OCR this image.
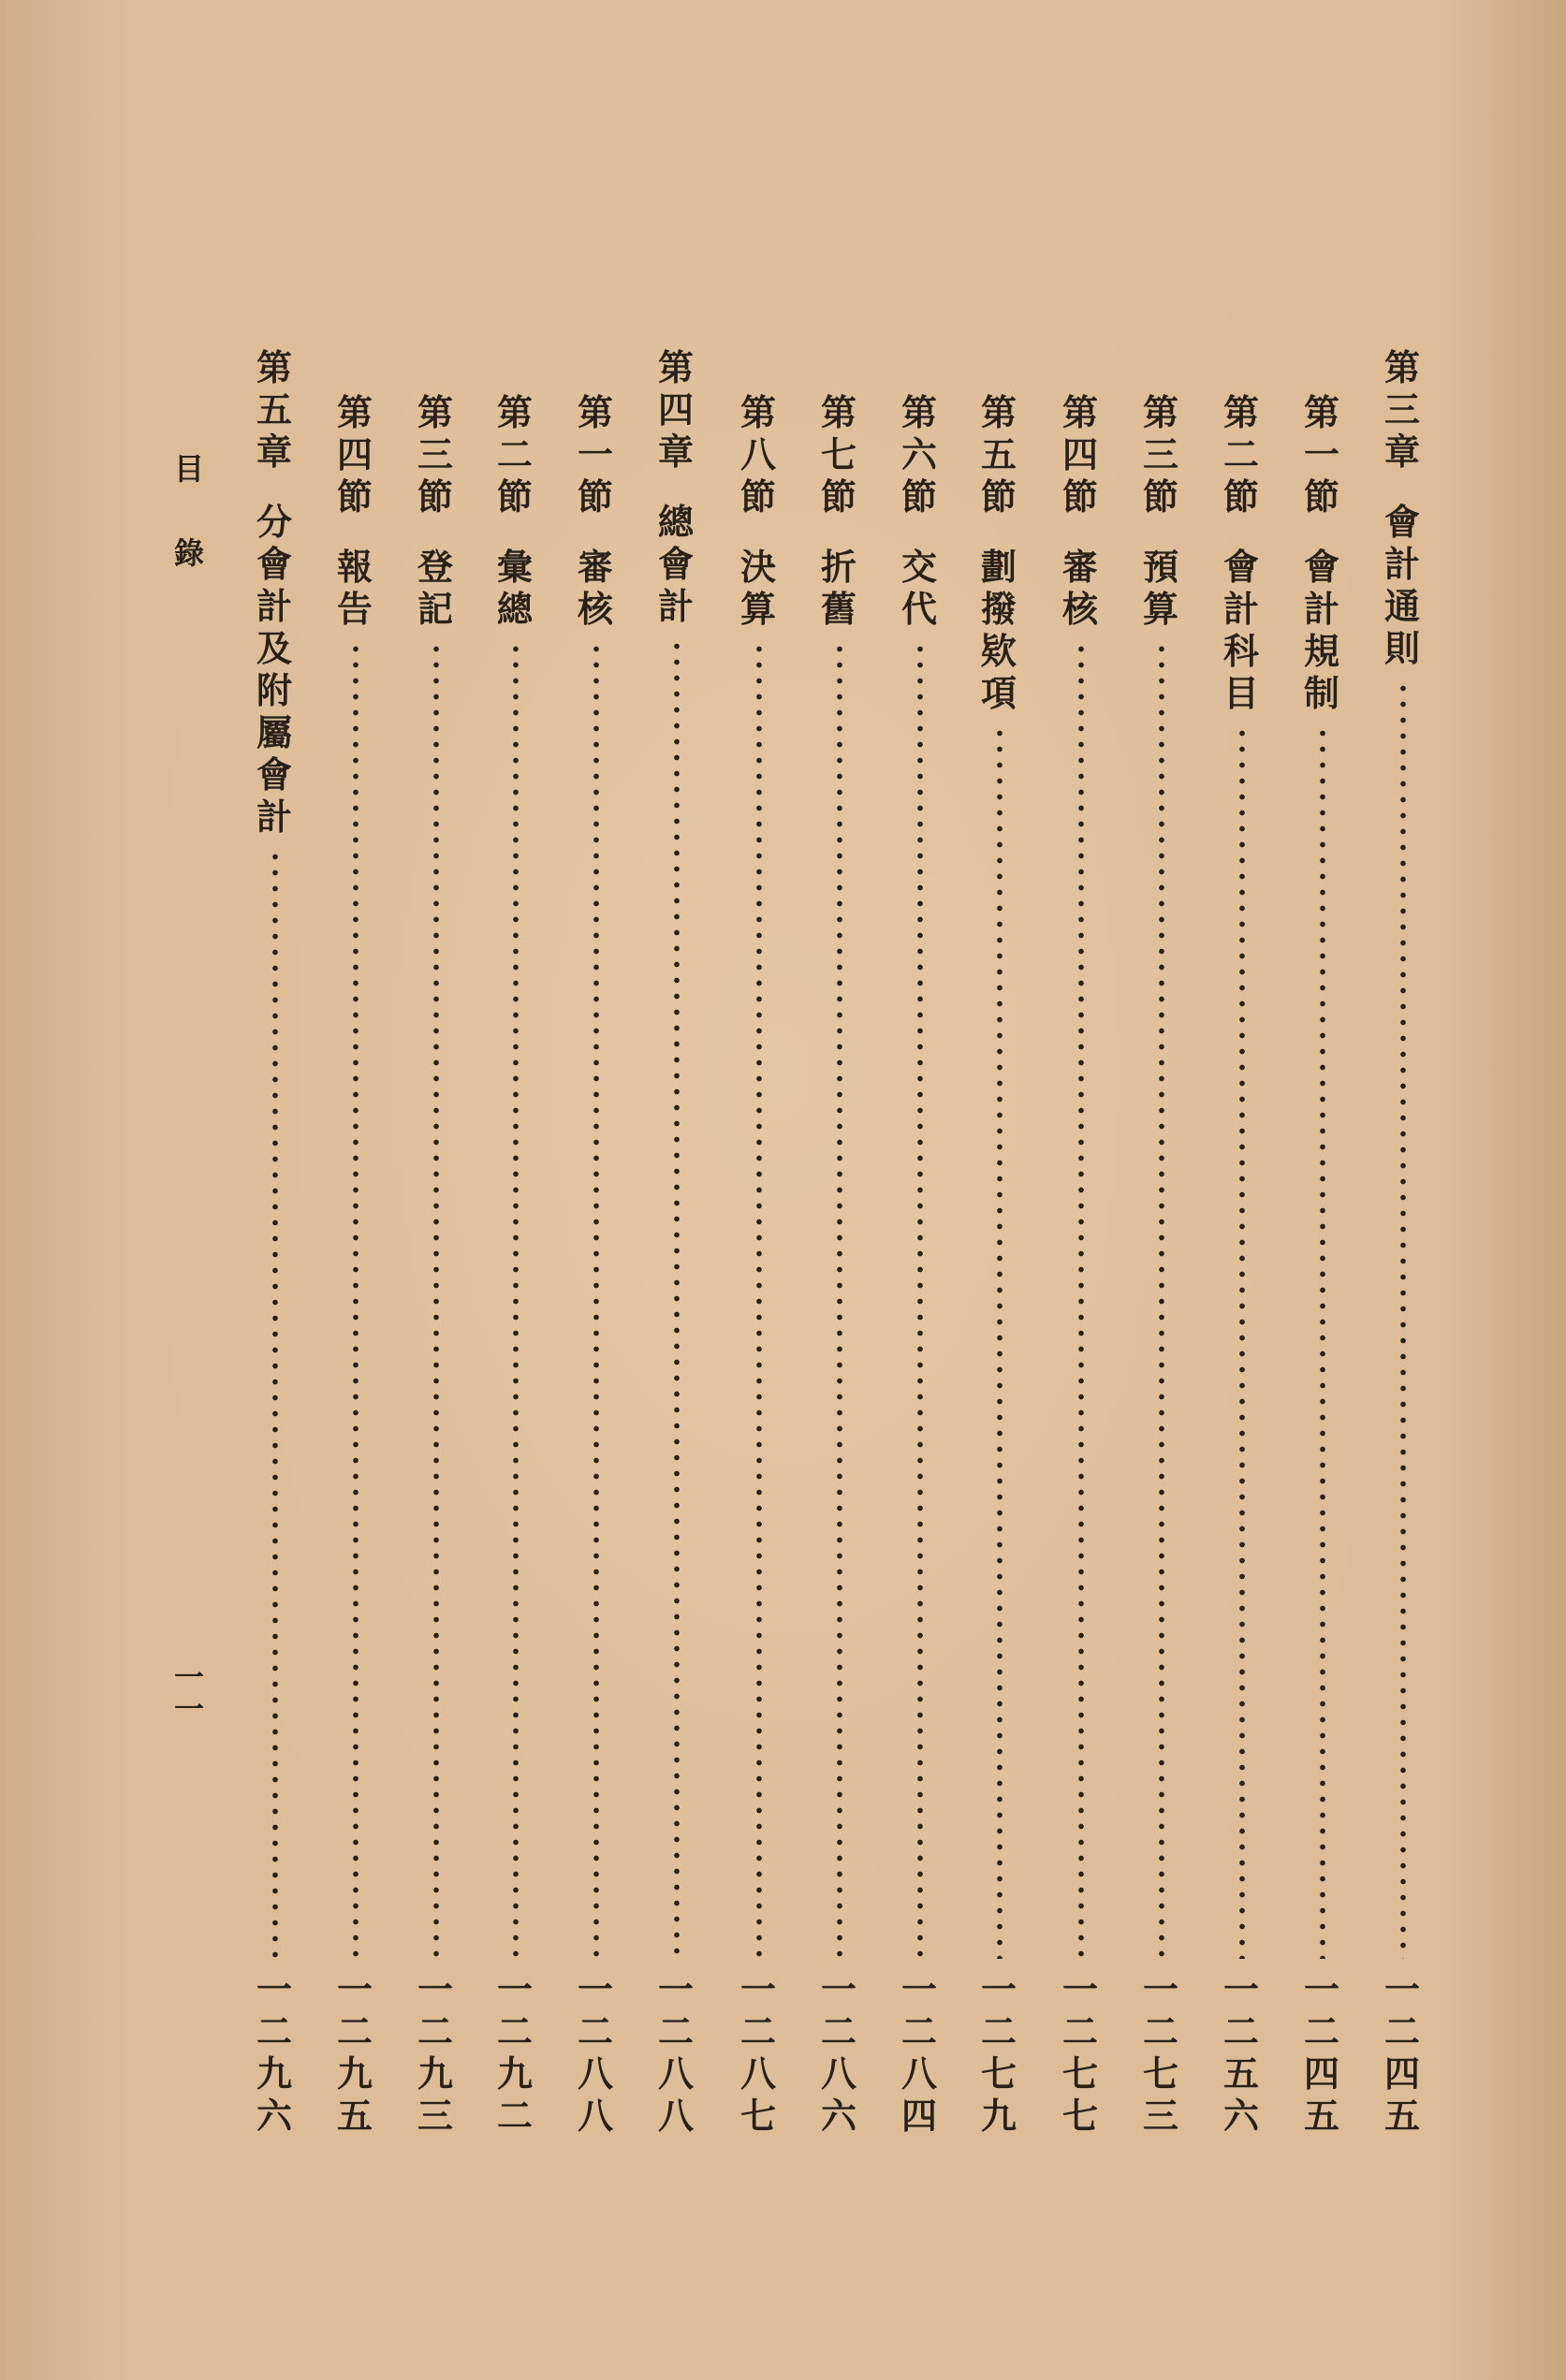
目
錄
一
一
第
三
章
會
計
通
則
一
二
四
五
第
一
節
會
計
規
制
一
二
四
五
第
二
節
會
計
科
目
一
二
五
六
第
三
節
預
算
一
二
七
三
第
四
節
審
核
一
二
七
七
第
五
節
劃
撥
欵
項
一
二
七
九
第
六
節
交
代
一
二
八
四
第
七
節
折
舊
一
二
八
六
第
八
節
決
算
一
二
八
七
第
四
章
總
會
計
一
二
八
八
第
一
節
審
核
一
二
八
八
第
二
節
彙
總
一
二
九
二
第
三
節
登
記
一
二
九
三
第
四
節
報
告
一
二
九
五
第
五
章
分
會
計
及
附
屬
會
計
一
二
九
六
